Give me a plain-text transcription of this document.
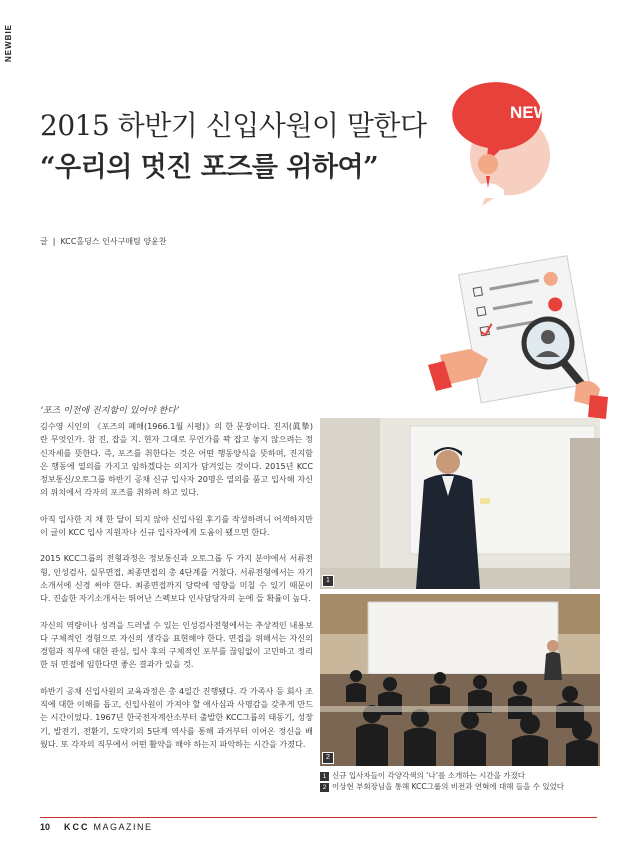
NEWBIE
2015 하반기 신입사원이 말한다
“우리의 멋진 포즈를 위하여”
NEWBIE
글 | KCC홀딩스 인사구매팀 양윤찬
‘포즈 이전에 진지함이 있어야 한다’

김수영 시인의 《포즈의 폐해(1966.1월 시평)》의 한 문장이다. 진지(眞摯)란 무엇인가. 참 진, 잡을 지. 현자 그대로 무언가를 꽉 잡고 놓지 않으려는 정신자세를 뜻한다. 즉, 포즈를 취한다는 것은 어떤 행동양식을 뜻하며, 진지함은 행동에 열의를 가지고 임하겠다는 의지가 담겨있는 것이다. 2015년 KCC정보통신/오토그룹 하반기 공채 신규 입사자 20명은 열의를 품고 입사해 자신의 위치에서 각자의 포즈를 취하려 하고 있다.

아직 입사한 지 채 한 달이 되지 않아 신입사원 후기를 작성하려니 어색하지만 이 글이 KCC 입사 지원자나 신규 입사자에게 도움이 됐으면 한다.

2015 KCC그룹의 전형과정은 정보통신과 오토그룹 두 가지 분야에서 서류전형, 인성검사, 실무면접, 최종면접의 총 4단계를 거쳤다. 서류전형에서는 자기소개서에 신경 써야 한다. 최종면접까지 당락에 영향을 미칠 수 있기 때문이다. 진솔한 자기소개서는 뛰어난 스펙보다 인사담당자의 눈에 들 확률이 높다.

자신의 역량이나 성격을 드러낼 수 있는 인성검사전형에서는 추상적인 내용보다 구체적인 경험으로 자신의 생각을 표현해야 한다. 면접을 위해서는 자신의 경험과 직무에 대한 관심, 입사 후의 구체적인 포부를 끊임없이 고민하고 정리한 뒤 면접에 임한다면 좋은 결과가 있을 것.

하반기 공채 신입사원의 교육과정은 총 4일간 진행됐다. 각 가족사 등 회사 조직에 대한 이해를 돕고, 신입사원이 가져야 할 애사심과 사명감을 갖추게 만드는 시간이었다. 1967년 한국전자계산소부터 출발한 KCC그룹의 태동기, 성장기, 발전기, 전환기, 도약기의 5단계 역사를 통해 과거부터 이어온 정신을 배웠다. 또 각자의 직무에서 어떤 활약을 해야 하는지 파악하는 시간을 가졌다.

1
2
1 신규 입사자들이 각양각색의 ‘나’를 소개하는 시간을 가졌다
2 이상현 부회장님을 통해 KCC그룹의 비전과 연혁에 대해 들을 수 있었다
10 KCC MAGAZINE
